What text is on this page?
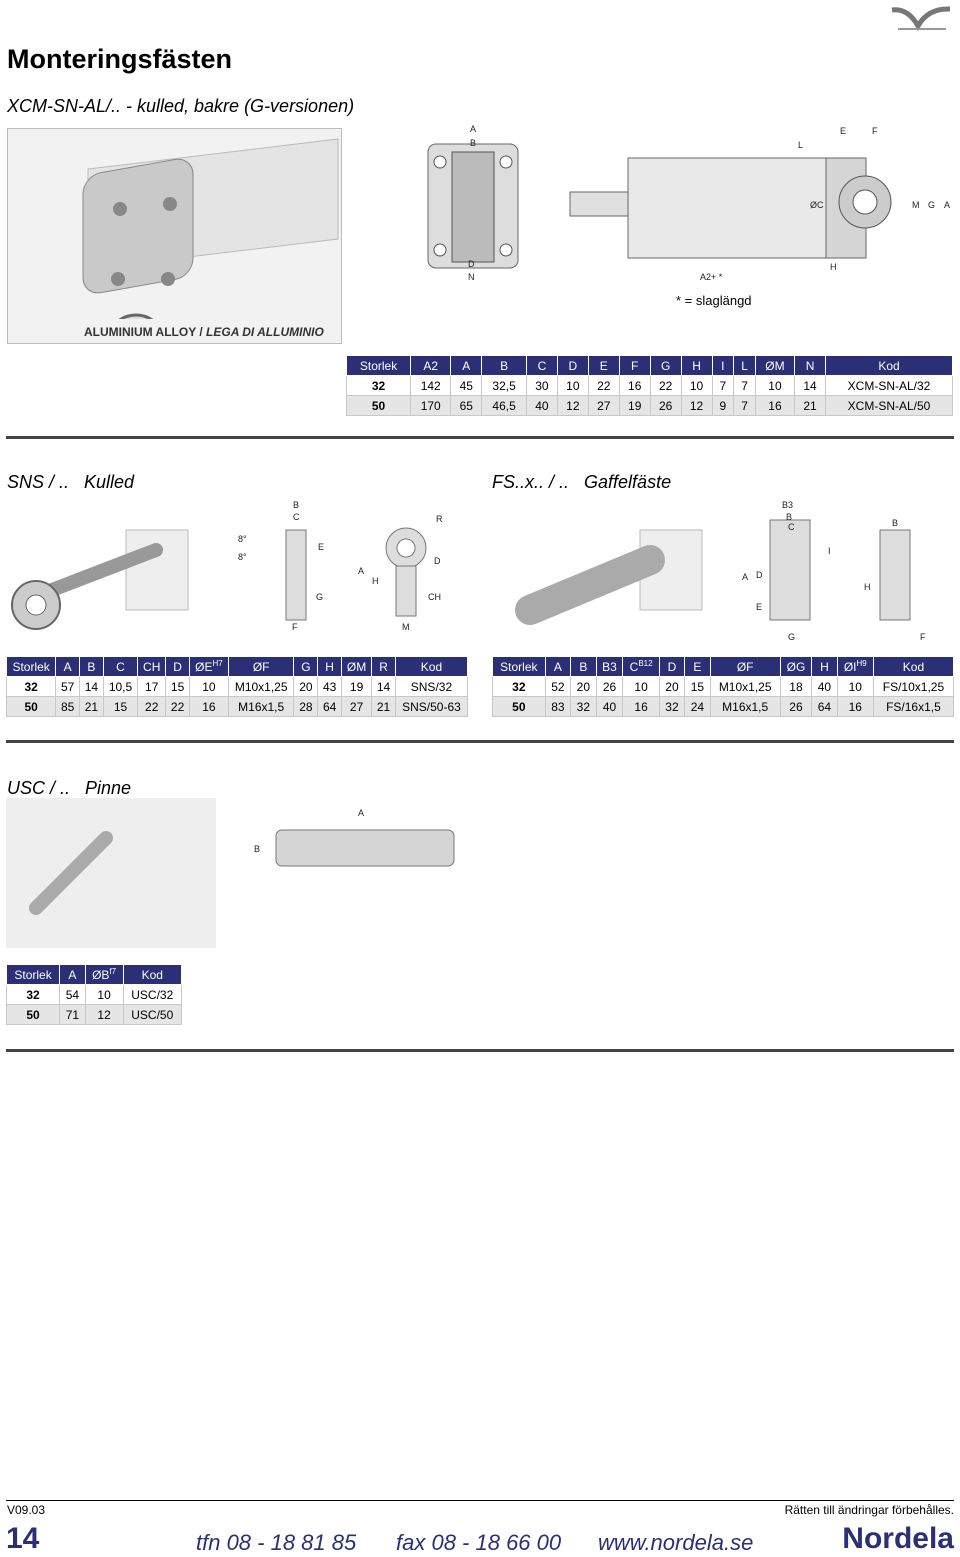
Monteringsfästen
XCM-SN-AL/.. - kulled, bakre (G-versionen)
ALUMINIUM ALLOY / LEGA DI ALLUMINIO
A
B
D
N
L
E	F
A2+ *
ØC	M G A
H
* = slaglängd
Storlek	A2	A	B	C	D	E	F	G	H	I	L	ØM	N	Kod
32	142	45	32,5	30	10	22	16	22	10	7	7	10	14	XCM-SN-AL/32
50	170	65	46,5	40	12	27	19	26	12	9	7	16	21	XCM-SN-AL/50
SNS / .. Kulled
B
C
E
8°
8°
G
F
R
A
H
D
CH
M
Storlek	A	B	C	CH	D	$ØE^{H7}$	ØF	G	H	ØM	R	Kod
32	57	14	10,5	17	15	10	M10x1,25	20	43	19	14	SNS/32
50	85	21	15	22	22	16	M16x1,5	28	64	27	21	SNS/50-63
FS..x.. / .. Gaffelfäste
B3
B
C
A D
E
I
G
B
H
F
Storlek	A	B	B3	$C^{B12}$	D	E	ØF	ØG	H	$ØI^{H9}$	Kod
32	52	20	26	10	20	15	M10x1,25	18	40	10	FS/10x1,25
50	83	32	40	16	32	24	M16x1,5	26	64	16	FS/16x1,5
USC / .. Pinne
A
B
Storlek	A	$ØB^{f7}$	Kod
32	54	10	USC/32
50	71	12	USC/50
V09.03	Rätten till ändringar förbehålles.
14	tfn 08 - 18 81 85 fax 08 - 18 66 00 www.nordela.se	Nordela
